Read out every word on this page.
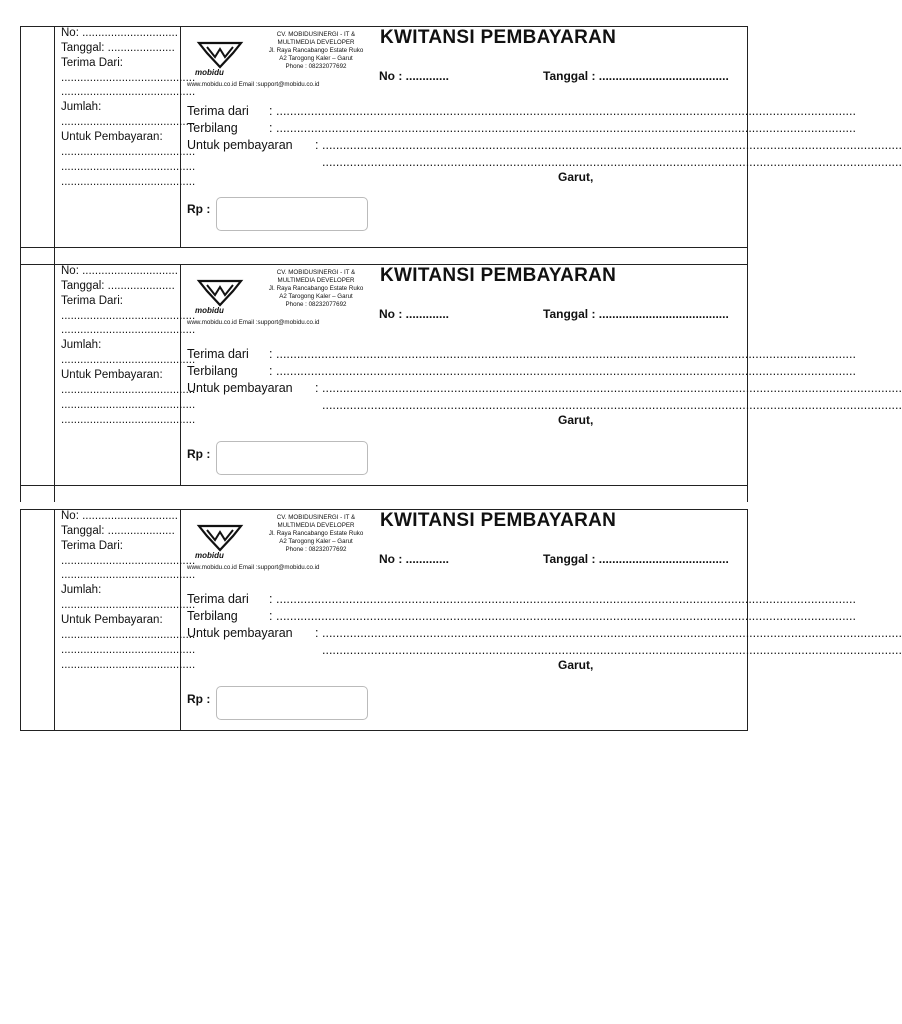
No: ..............................
Tanggal: .....................
Terima Dari:
..........................................
..........................................
Jumlah:
..........................................
Untuk Pembayaran:
..........................................
..........................................
..........................................
mobidu
CV. MOBIDUSINERGI - IT &
MULTIMEDIA DEVELOPER
Jl. Raya Rancabango Estate Ruko
A2 Tarogong Kaler – Garut
Phone : 08232077692
www.mobidu.co.id Email :support@mobidu.co.id
KWITANSI PEMBAYARAN
No : .............	Tanggal : .......................................
Terima dari : .......................................................................................................................................................................
Terbilang	: .......................................................................................................................................................................
Untuk pembayaran : .......................................................................................................................................................................
.......................................................................................................................................................................
Garut,
Rp :
No: ..............................
Tanggal: .....................
Terima Dari:
..........................................
..........................................
Jumlah:
..........................................
Untuk Pembayaran:
..........................................
..........................................
..........................................
mobidu
CV. MOBIDUSINERGI - IT &
MULTIMEDIA DEVELOPER
Jl. Raya Rancabango Estate Ruko
A2 Tarogong Kaler – Garut
Phone : 08232077692
www.mobidu.co.id Email :support@mobidu.co.id
KWITANSI PEMBAYARAN
No : .............	Tanggal : .......................................
Terima dari : .......................................................................................................................................................................
Terbilang	: .......................................................................................................................................................................
Untuk pembayaran : .......................................................................................................................................................................
.......................................................................................................................................................................
Garut,
Rp :
No: ..............................
Tanggal: .....................
Terima Dari:
..........................................
..........................................
Jumlah:
..........................................
Untuk Pembayaran:
..........................................
..........................................
..........................................
mobidu
CV. MOBIDUSINERGI - IT &
MULTIMEDIA DEVELOPER
Jl. Raya Rancabango Estate Ruko
A2 Tarogong Kaler – Garut
Phone : 08232077692
www.mobidu.co.id Email :support@mobidu.co.id
KWITANSI PEMBAYARAN
No : .............	Tanggal : .......................................
Terima dari : .......................................................................................................................................................................
Terbilang	: .......................................................................................................................................................................
Untuk pembayaran : .......................................................................................................................................................................
.......................................................................................................................................................................
Garut,
Rp :
